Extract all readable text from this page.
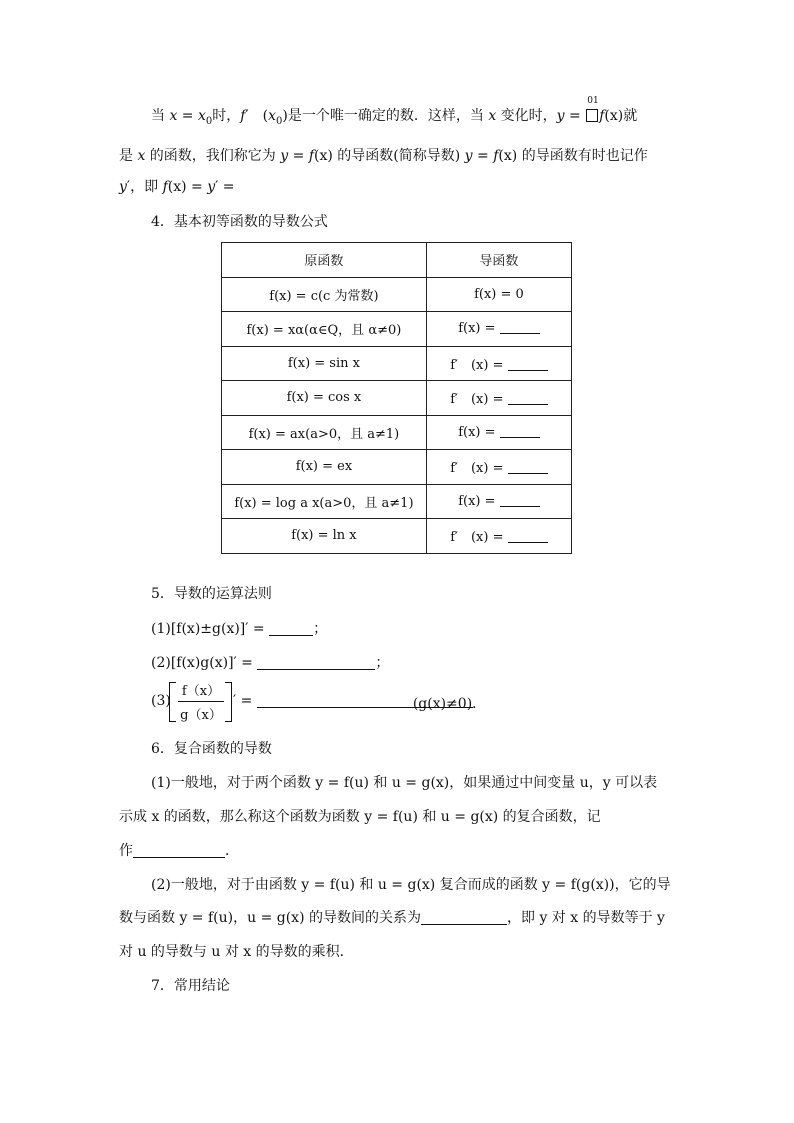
当 $x = x_0$时，f′　$(x_0)$是一个唯一确定的数．这样，当 x 变化时，y =
01
f(x)就
是 x 的函数，我们称它为 y = f(x) 的导函数(简称导数) y = f(x) 的导函数有时也记作
y′，即 f(x) = y′ =
4．基本初等函数的导数公式
原函数	导函数
f(x) = c(c 为常数)	f(x) = 0
f(x) = xα(α∈Q，且 α≠0)	f(x) =
f(x) = sin x	f′　(x) =
f(x) = cos x	f′　(x) =
f(x) = ax(a>0，且 a≠1)	f(x) =
f(x) = ex	f′　(x) =
f(x) = log a x(a>0，且 a≠1)	f(x) =
f(x) = ln x	f′　(x) =
5．导数的运算法则
(1)[f(x)±g(x)]′ =	；
(2)[f(x)g(x)]′ =	；
(3)
f（x）
g（x）
′ =	(g(x)≠0)．
6．复合函数的导数
(1)一般地，对于两个函数 y = f(u) 和 u = g(x)，如果通过中间变量 u，y 可以表
示成 x 的函数，那么称这个函数为函数 y = f(u) 和 u = g(x) 的复合函数，记
作	．
(2)一般地，对于由函数 y = f(u) 和 u = g(x) 复合而成的函数 y = f(g(x))，它的导
数与函数 y = f(u)，u = g(x) 的导数间的关系为	，即 y 对 x 的导数等于 y
对 u 的导数与 u 对 x 的导数的乘积．
7．常用结论
